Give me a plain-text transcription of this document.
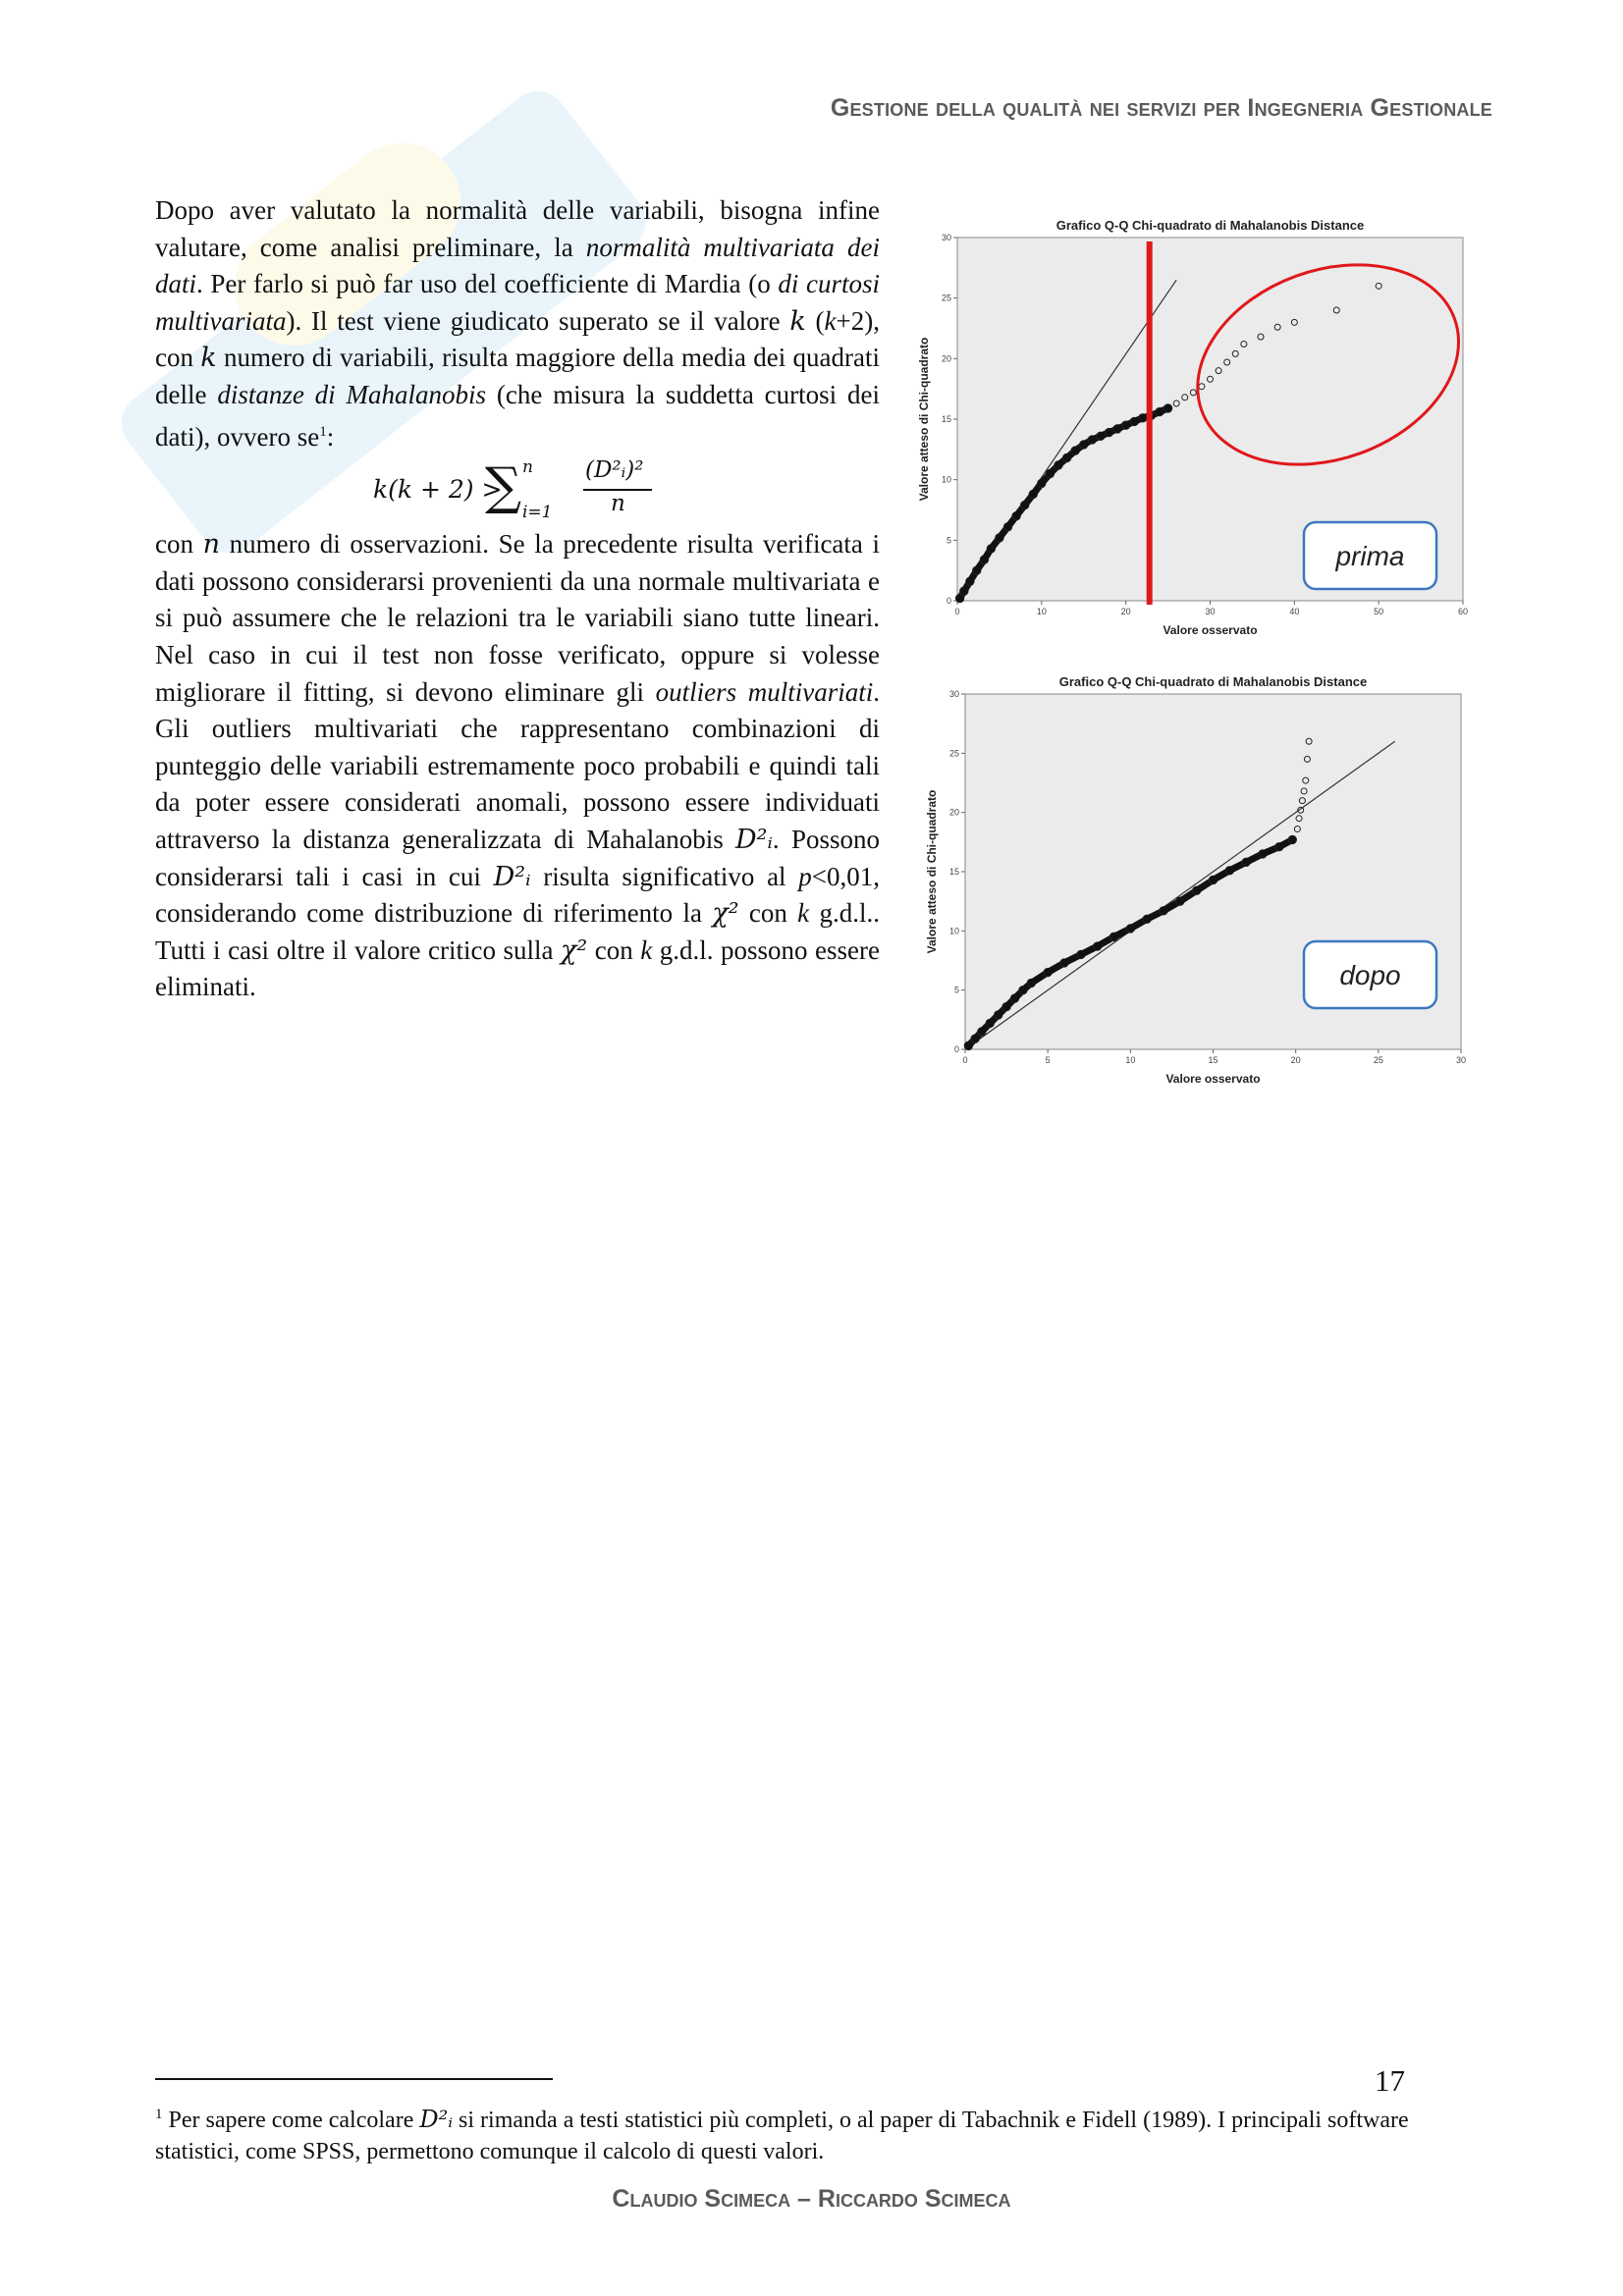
Gestione della qualità nei servizi per Ingegneria Gestionale

Dopo aver valutato la normalità delle variabili, bisogna infine valutare, come analisi preliminare, la normalità multivariata dei dati. Per farlo si può far uso del coefficiente di Mardia (o di curtosi multivariata). Il test viene giudicato superato se il valore k (k+2), con k numero di variabili, risulta maggiore della media dei quadrati delle distanze di Mahalanobis (che misura la suddetta curtosi dei dati), ovvero $se^1$:

k(k + 2) >
∑ n
i=1
(D²ᵢ)²
n

con n numero di osservazioni. Se la precedente risulta verificata i dati possono considerarsi provenienti da una normale multivariata e si può assumere che le relazioni tra le variabili siano tutte lineari. Nel caso in cui il test non fosse verificato, oppure si volesse migliorare il fitting, si devono eliminare gli outliers multivariati. Gli outliers multivariati che rappresentano combinazioni di punteggio delle variabili estremamente poco probabili e quindi tali da poter essere considerati anomali, possono essere individuati attraverso la distanza generalizzata di Mahalanobis D²ᵢ. Possono considerarsi tali i casi in cui D²ᵢ risulta significativo al p<0,01, considerando come distribuzione di riferimento la χ² con k g.d.l.. Tutti i casi oltre il valore critico sulla χ² con k g.d.l. possono essere eliminati.

Grafico Q-Q Chi-quadrato di Mahalanobis Distance
0	10	20	30	40	50	60
0
5
10
15
20
25
30
Valore osservato
Valore atteso di Chi-quadrato
prima
Grafico Q-Q Chi-quadrato di Mahalanobis Distance
0	5	10	15	20	25	30
0
5
10
15
20
25
30
Valore osservato
Valore atteso di Chi-quadrato
dopo
17
$^1$ Per sapere come calcolare D²ᵢ si rimanda a testi statistici più completi, o al paper di Tabachnik e Fidell (1989). I principali software statistici, come SPSS, permettono comunque il calcolo di questi valori.
Claudio Scimeca – Riccardo Scimeca
